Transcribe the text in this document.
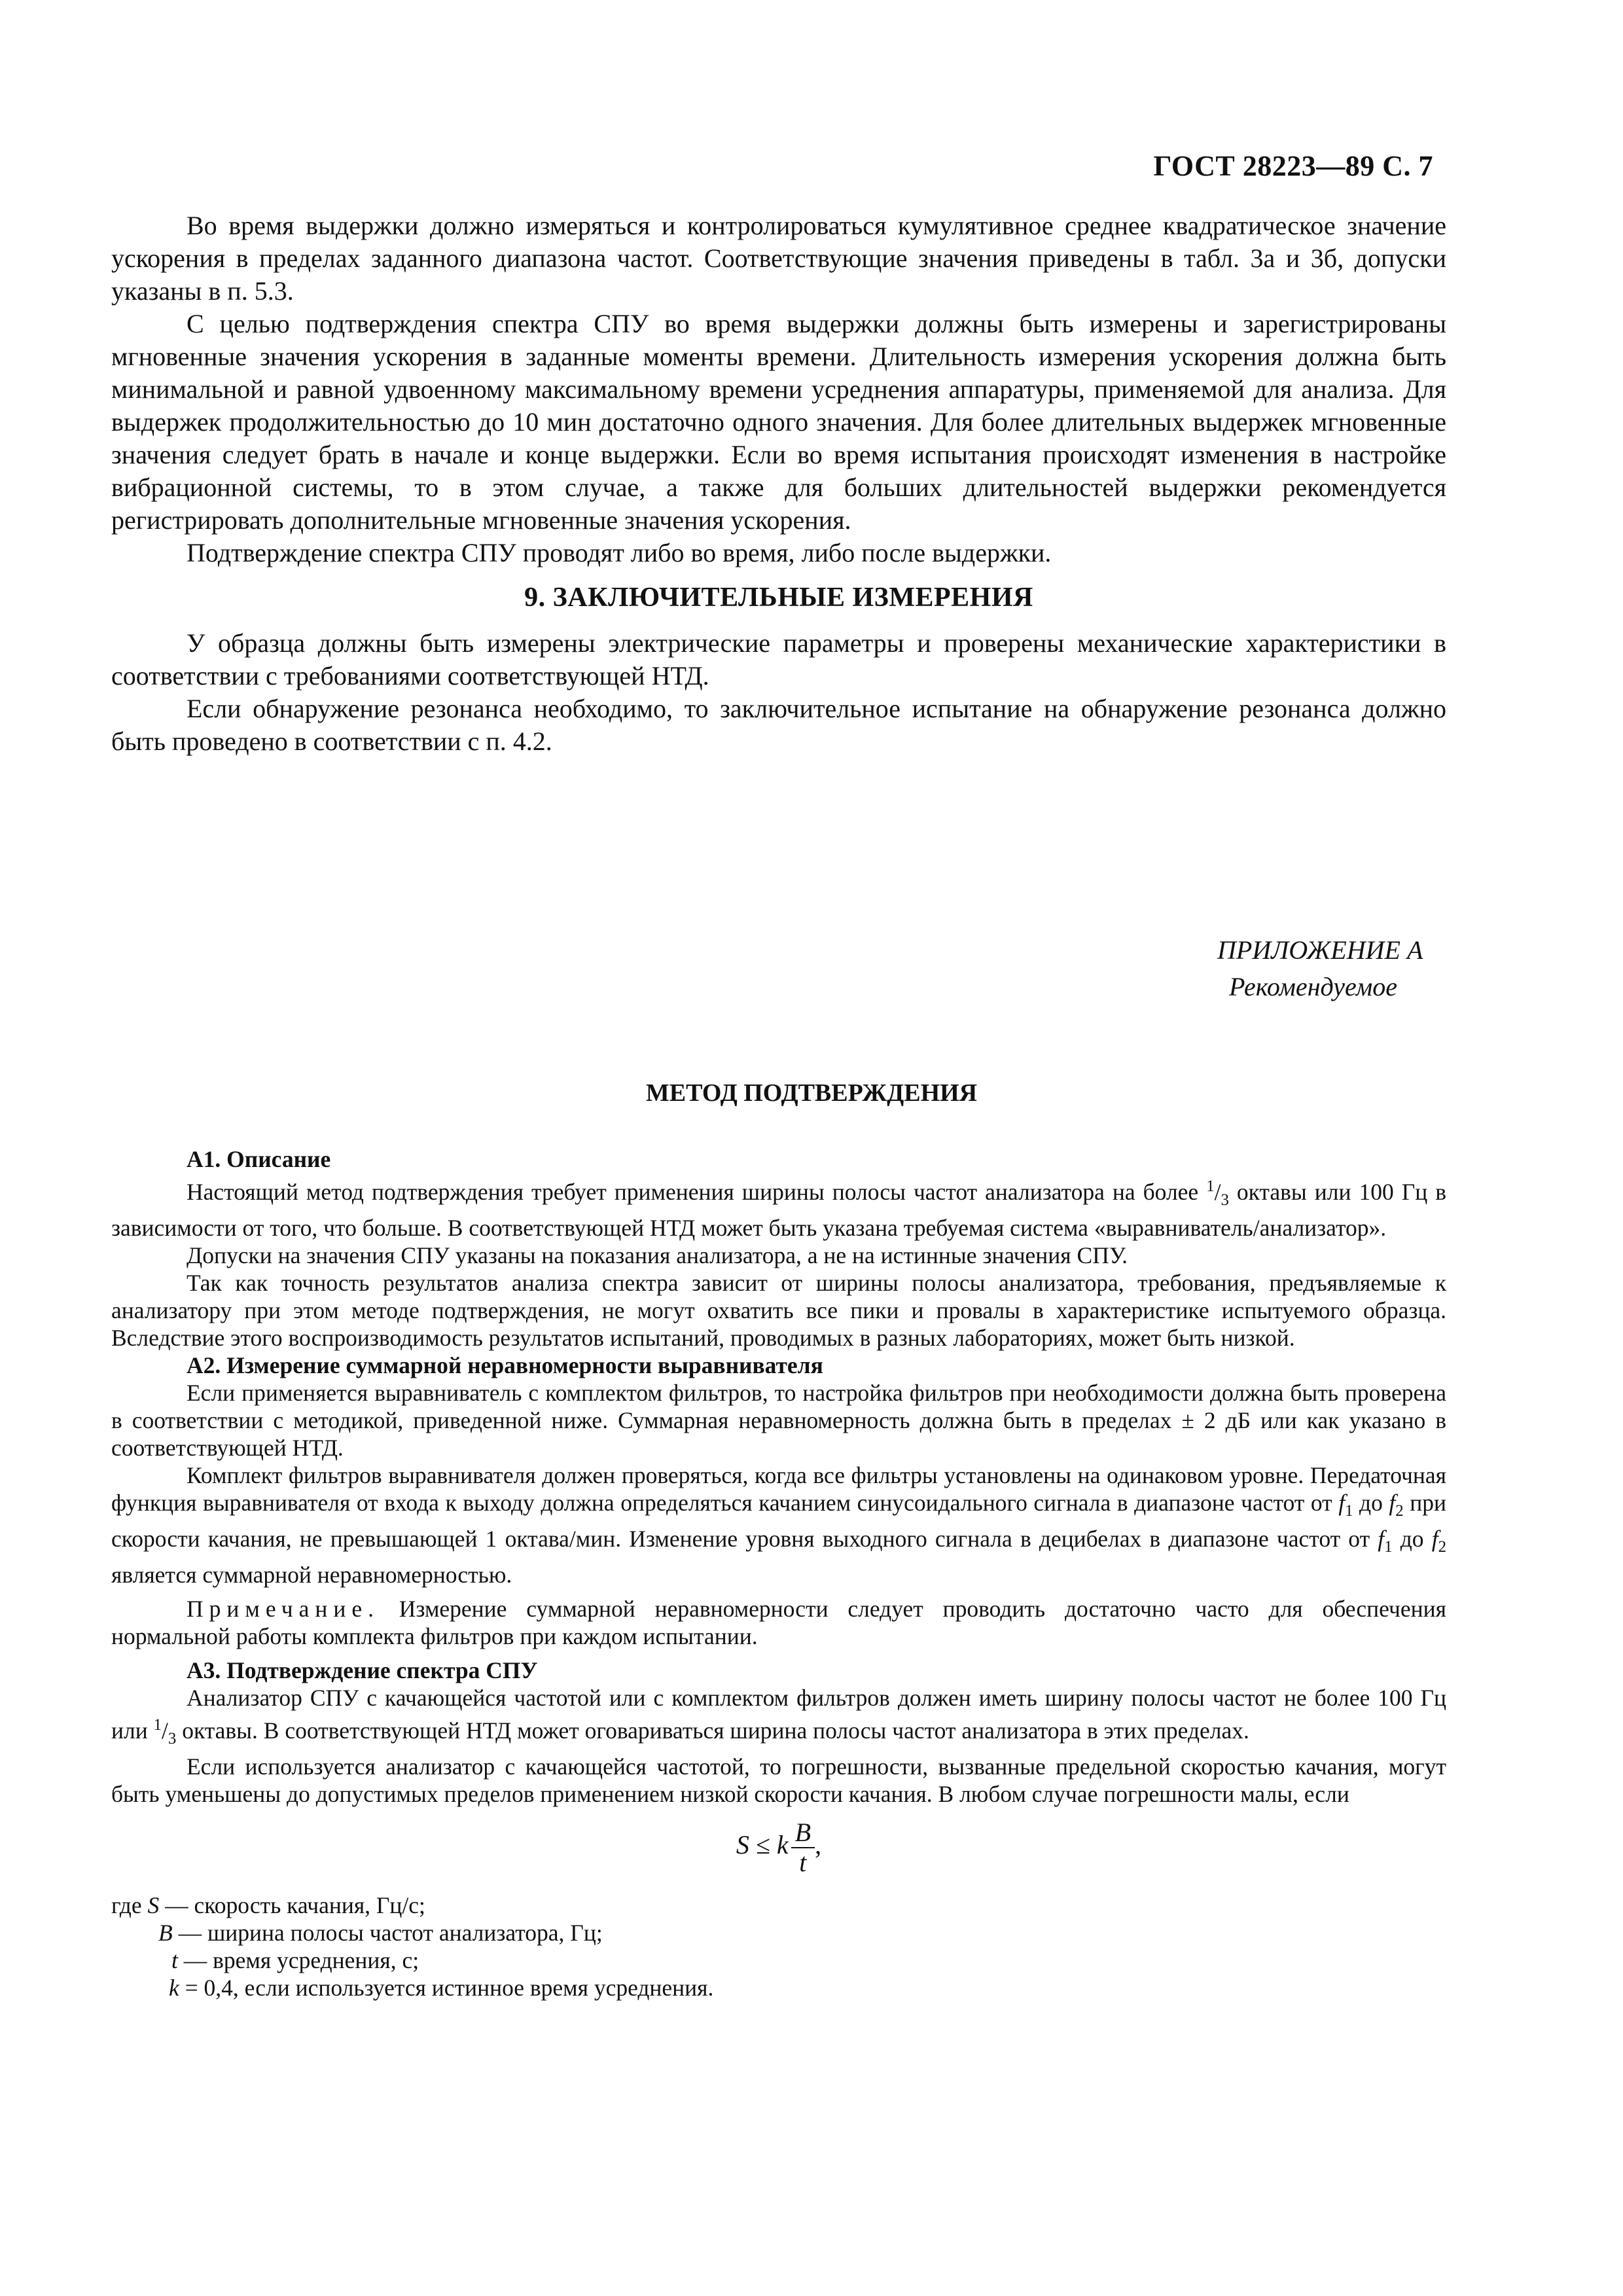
ГОСТ 28223—89 С. 7

Во время выдержки должно измеряться и контролироваться кумулятивное среднее квадратическое значение ускорения в пределах заданного диапазона частот. Соответствующие значения приведены в табл. 3а и 3б, допуски указаны в п. 5.3.

С целью подтверждения спектра СПУ во время выдержки должны быть измерены и зарегистрированы мгновенные значения ускорения в заданные моменты времени. Длительность измерения ускорения должна быть минимальной и равной удвоенному максимальному времени усреднения аппаратуры, применяемой для анализа. Для выдержек продолжительностью до 10 мин достаточно одного значения. Для более длительных выдержек мгновенные значения следует брать в начале и конце выдержки. Если во время испытания происходят изменения в настройке вибрационной системы, то в этом случае, а также для больших длительностей выдержки рекомендуется регистрировать дополнительные мгновенные значения ускорения.

Подтверждение спектра СПУ проводят либо во время, либо после выдержки.

9. ЗАКЛЮЧИТЕЛЬНЫЕ ИЗМЕРЕНИЯ

У образца должны быть измерены электрические параметры и проверены механические характеристики в соответствии с требованиями соответствующей НТД.

Если обнаружение резонанса необходимо, то заключительное испытание на обнаружение резонанса должно быть проведено в соответствии с п. 4.2.

ПРИЛОЖЕНИЕ А
Рекомендуемое
МЕТОД ПОДТВЕРЖДЕНИЯ

А1. Описание

Настоящий метод подтверждения требует применения ширины полосы частот анализатора на более $^1/_3$ октавы или 100 Гц в зависимости от того, что больше. В соответствующей НТД может быть указана требуемая система «выравниватель/анализатор».

Допуски на значения СПУ указаны на показания анализатора, а не на истинные значения СПУ.

Так как точность результатов анализа спектра зависит от ширины полосы анализатора, требования, предъявляемые к анализатору при этом методе подтверждения, не могут охватить все пики и провалы в характеристике испытуемого образца. Вследствие этого воспроизводимость результатов испытаний, проводимых в разных лабораториях, может быть низкой.

А2. Измерение суммарной неравномерности выравнивателя

Если применяется выравниватель с комплектом фильтров, то настройка фильтров при необходимости должна быть проверена в соответствии с методикой, приведенной ниже. Суммарная неравномерность должна быть в пределах ± 2 дБ или как указано в соответствующей НТД.

Комплект фильтров выравнивателя должен проверяться, когда все фильтры установлены на одинаковом уровне. Передаточная функция выравнивателя от входа к выходу должна определяться качанием синусоидального сигнала в диапазоне частот от $f_1$ до $f_2$ при скорости качания, не превышающей 1 октава/мин. Изменение уровня выходного сигнала в децибелах в диапазоне частот от $f_1$ до $f_2$ является суммарной неравномерностью.

Примечание. Измерение суммарной неравномерности следует проводить достаточно часто для обеспечения нормальной работы комплекта фильтров при каждом испытании.

А3. Подтверждение спектра СПУ

Анализатор СПУ с качающейся частотой или с комплектом фильтров должен иметь ширину полосы частот не более 100 Гц или $^1/_3$ октавы. В соответствующей НТД может оговариваться ширина полосы частот анализатора в этих пределах.

Если используется анализатор с качающейся частотой, то погрешности, вызванные предельной скоростью качания, могут быть уменьшены до допустимых пределов применением низкой скорости качания. В любом случае погрешности малы, если

S ≤ k $\frac{B}{t}$ ,
где S — скорость качания, Гц/с;
B — ширина полосы частот анализатора, Гц;
t — время усреднения, с;
k = 0,4, если используется истинное время усреднения.
